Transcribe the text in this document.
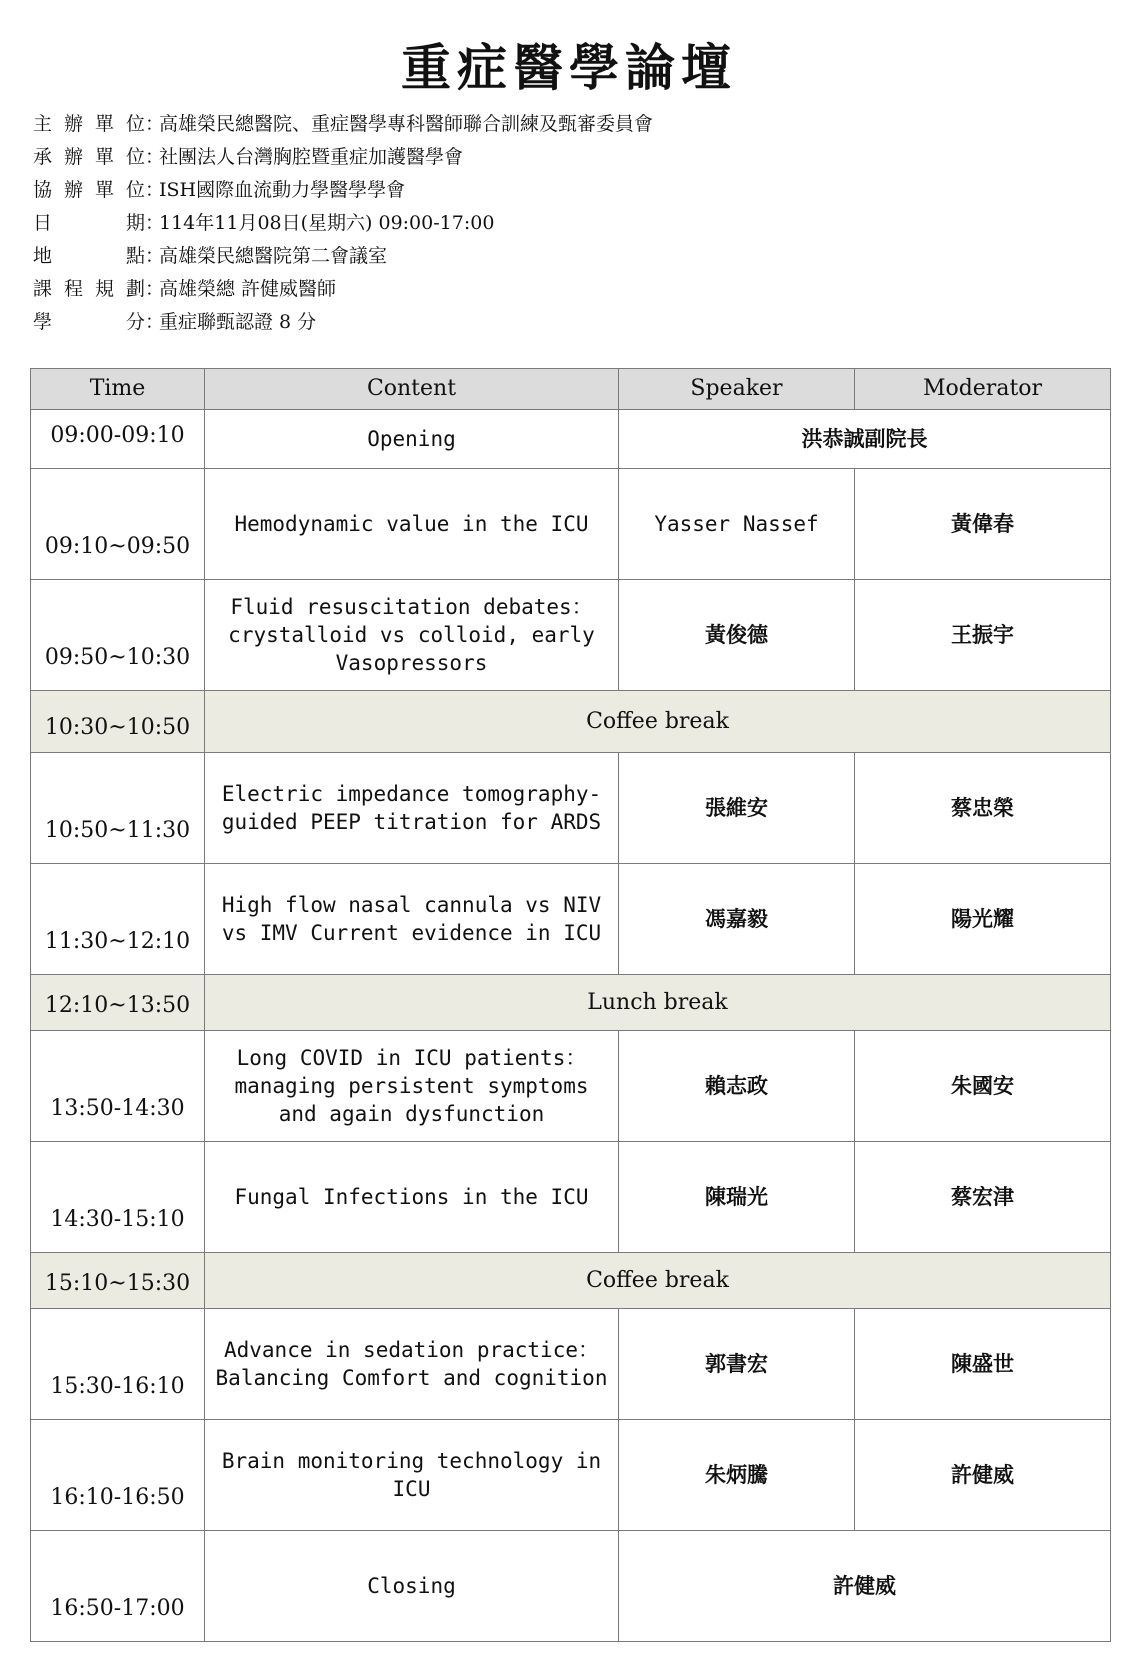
重症醫學論壇
主辦單位：高雄榮民總醫院、重症醫學專科醫師聯合訓練及甄審委員會
承辦單位：社團法人台灣胸腔暨重症加護醫學會
協辦單位：ISH國際血流動力學醫學學會
日期：114年11月08日(星期六) 09:00-17:00
地點：高雄榮民總醫院第二會議室
課程規劃：高雄榮總 許健威醫師
學分：重症聯甄認證 8 分
Time	Content	Speaker	Moderator
09:00-09:10	Opening	洪恭誠副院長	
09:10~09:50	Hemodynamic value in the ICU	Yasser Nassef	黃偉春
09:50~10:30	Fluid resuscitation debates：crystalloid vs colloid, early Vasopressors	黃俊德	王振宇
10:30~10:50	Coffee break		
10:50~11:30	Electric impedance tomography-guided PEEP titration for ARDS	張維安	蔡忠榮
11:30~12:10	High flow nasal cannula vs NIV vs IMV Current evidence in ICU	馮嘉毅	陽光耀
12:10~13:50	Lunch break		
13:50-14:30	Long COVID in ICU patients：managing persistent symptoms and again dysfunction	賴志政	朱國安
14:30-15:10	Fungal Infections in the ICU	陳瑞光	蔡宏津
15:10~15:30	Coffee break		
15:30-16:10	Advance in sedation practice：Balancing Comfort and cognition	郭書宏	陳盛世
16:10-16:50	Brain monitoring technology in ICU	朱炳騰	許健威
16:50-17:00	Closing	許健威	
